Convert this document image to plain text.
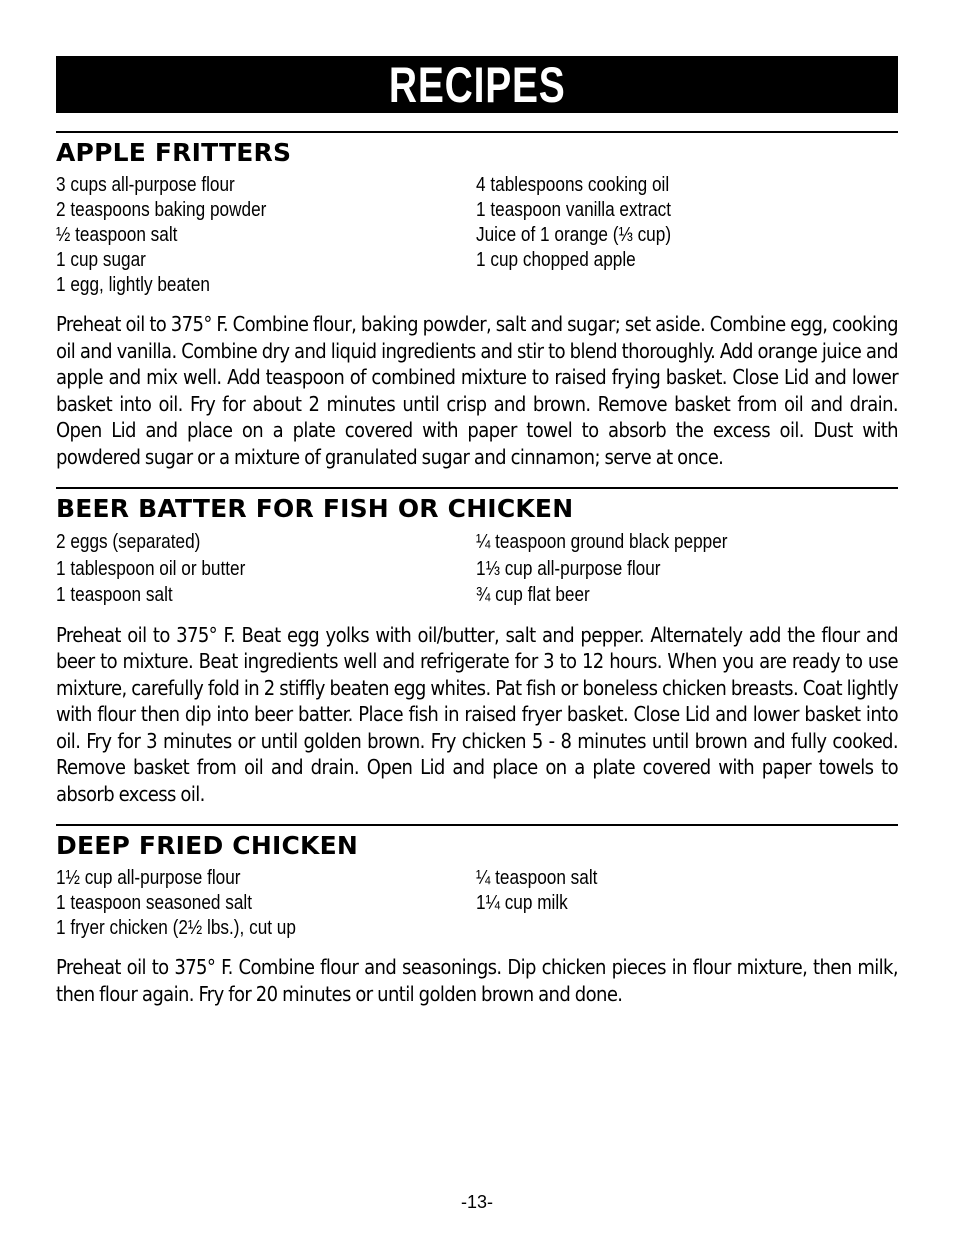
RECIPES
APPLE FRITTERS
3 cups all-purpose flour
2 teaspoons baking powder
½ teaspoon salt
1 cup sugar
1 egg, lightly beaten
4 tablespoons cooking oil
1 teaspoon vanilla extract
Juice of 1 orange (⅓ cup)
1 cup chopped apple

Preheat oil to 375° F. Combine flour, baking powder, salt and sugar; set aside. Combine egg, cooking oil and vanilla. Combine dry and liquid ingredients and stir to blend thoroughly. Add orange juice and apple and mix well. Add teaspoon of combined mixture to raised frying basket. Close Lid and lower basket into oil. Fry for about 2 minutes until crisp and brown. Remove basket from oil and drain. Open Lid and place on a plate covered with paper towel to absorb the excess oil. Dust with powdered sugar or a mixture of granulated sugar and cinnamon; serve at once.

BEER BATTER FOR FISH OR CHICKEN
2 eggs (separated)
1 tablespoon oil or butter
1 teaspoon salt
¼ teaspoon ground black pepper
1⅓ cup all-purpose flour
¾ cup flat beer

Preheat oil to 375° F. Beat egg yolks with oil/butter, salt and pepper. Alternately add the flour and beer to mixture. Beat ingredients well and refrigerate for 3 to 12 hours. When you are ready to use mixture, carefully fold in 2 stiffly beaten egg whites. Pat fish or boneless chicken breasts. Coat lightly with flour then dip into beer batter. Place fish in raised fryer basket. Close Lid and lower basket into oil. Fry for 3 minutes or until golden brown. Fry chicken 5 - 8 minutes until brown and fully cooked. Remove basket from oil and drain. Open Lid and place on a plate covered with paper towels to absorb excess oil.

DEEP FRIED CHICKEN
1½ cup all-purpose flour
1 teaspoon seasoned salt
1 fryer chicken (2½ lbs.), cut up
¼ teaspoon salt
1¼ cup milk

Preheat oil to 375° F. Combine flour and seasonings. Dip chicken pieces in flour mixture, then milk, then flour again. Fry for 20 minutes or until golden brown and done.

-13-
